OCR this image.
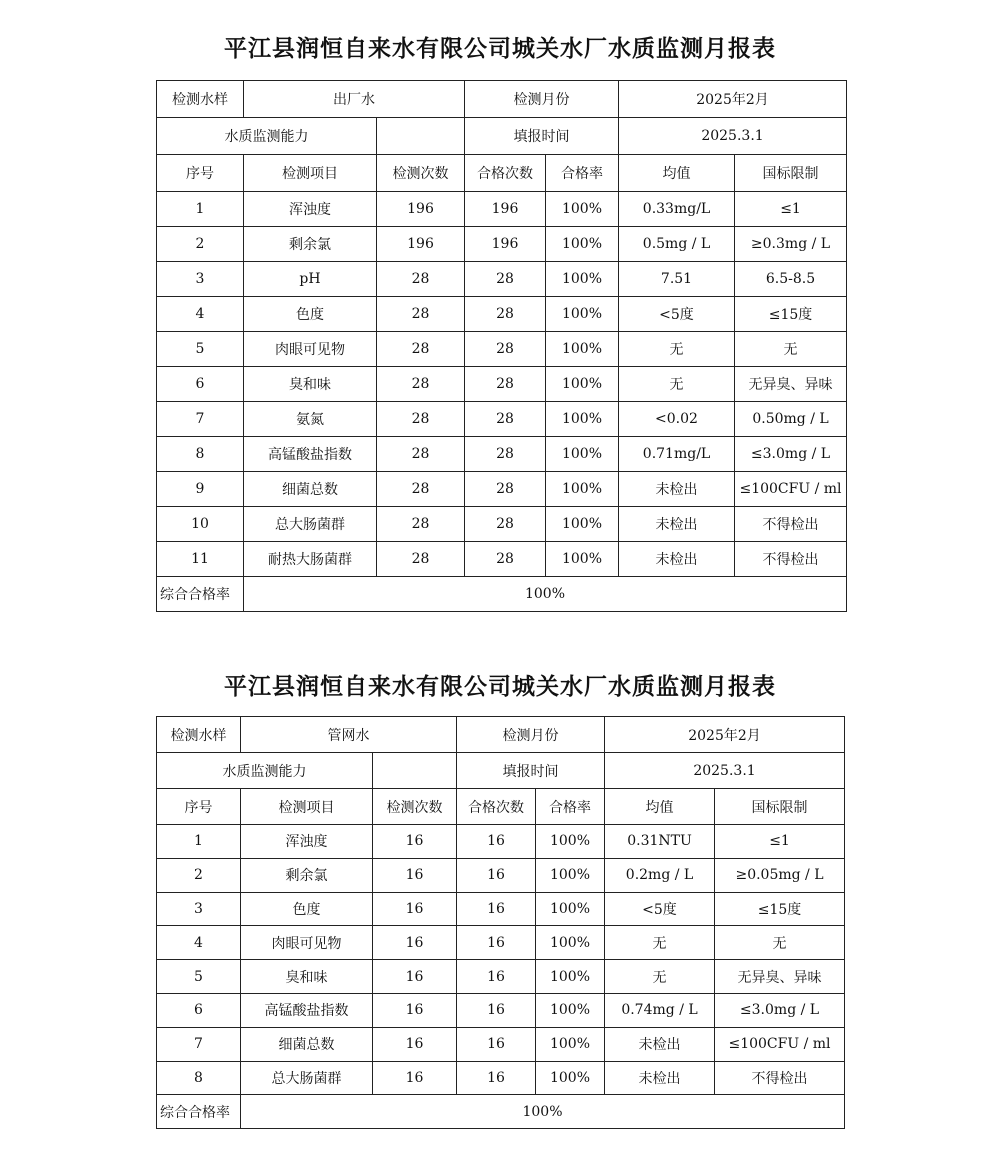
平江县润恒自来水有限公司城关水厂水质监测月报表
检测水样	出厂水		检测月份		2025年2月	
水质监测能力			填报时间		2025.3.1	
序号	检测项目	检测次数	合格次数	合格率	均值	国标限制
1	浑浊度	196	196	100%	0.33mg/L	≤1
2	剩余氯	196	196	100%	0.5mg / L	≥0.3mg / L
3	pH	28	28	100%	7.51	6.5-8.5
4	色度	28	28	100%	<5度	≤15度
5	肉眼可见物	28	28	100%	无	无
6	臭和味	28	28	100%	无	无异臭、异味
7	氨氮	28	28	100%	<0.02	0.50mg / L
8	高锰酸盐指数	28	28	100%	0.71mg/L	≤3.0mg / L
9	细菌总数	28	28	100%	未检出	≤100CFU / ml
10	总大肠菌群	28	28	100%	未检出	不得检出
11	耐热大肠菌群	28	28	100%	未检出	不得检出
综合合格率	100%					
平江县润恒自来水有限公司城关水厂水质监测月报表
检测水样	管网水		检测月份		2025年2月	
水质监测能力			填报时间		2025.3.1	
序号	检测项目	检测次数	合格次数	合格率	均值	国标限制
1	浑浊度	16	16	100%	0.31NTU	≤1
2	剩余氯	16	16	100%	0.2mg / L	≥0.05mg / L
3	色度	16	16	100%	<5度	≤15度
4	肉眼可见物	16	16	100%	无	无
5	臭和味	16	16	100%	无	无异臭、异味
6	高锰酸盐指数	16	16	100%	0.74mg / L	≤3.0mg / L
7	细菌总数	16	16	100%	未检出	≤100CFU / ml
8	总大肠菌群	16	16	100%	未检出	不得检出
综合合格率	100%					
